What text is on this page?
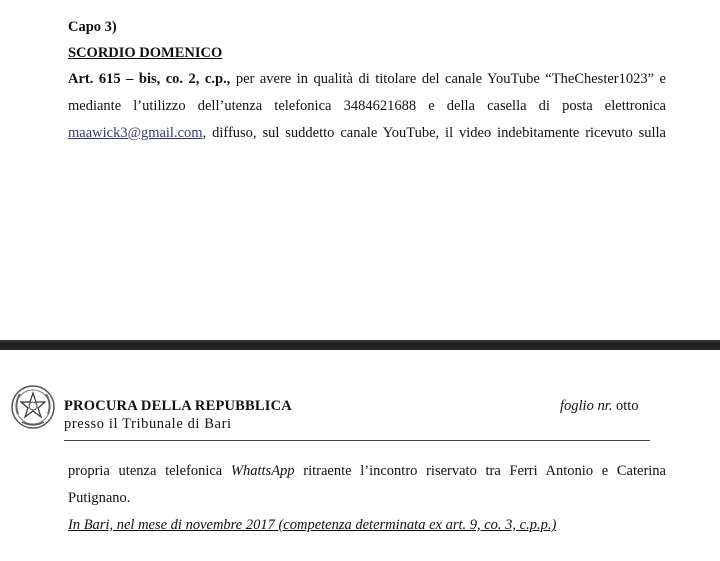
Capo 3)
SCORDIO DOMENICO
Art. 615 – bis, co. 2, c.p., per avere in qualità di titolare del canale YouTube “TheChester1023” e
mediante l’utilizzo dell’utenza telefonica 3484621688 e della casella di posta elettronica
maawick3@gmail.com, diffuso, sul suddetto canale YouTube, il video indebitamente ricevuto sulla
PROCURA DELLA REPUBBLICA
presso il Tribunale di Bari
foglio nr. otto
propria utenza telefonica WhattsApp ritraente l’incontro riservato tra Ferri Antonio e Caterina
Putignano.
In Bari, nel mese di novembre 2017 (competenza determinata ex art. 9, co. 3, c.p.p.)
